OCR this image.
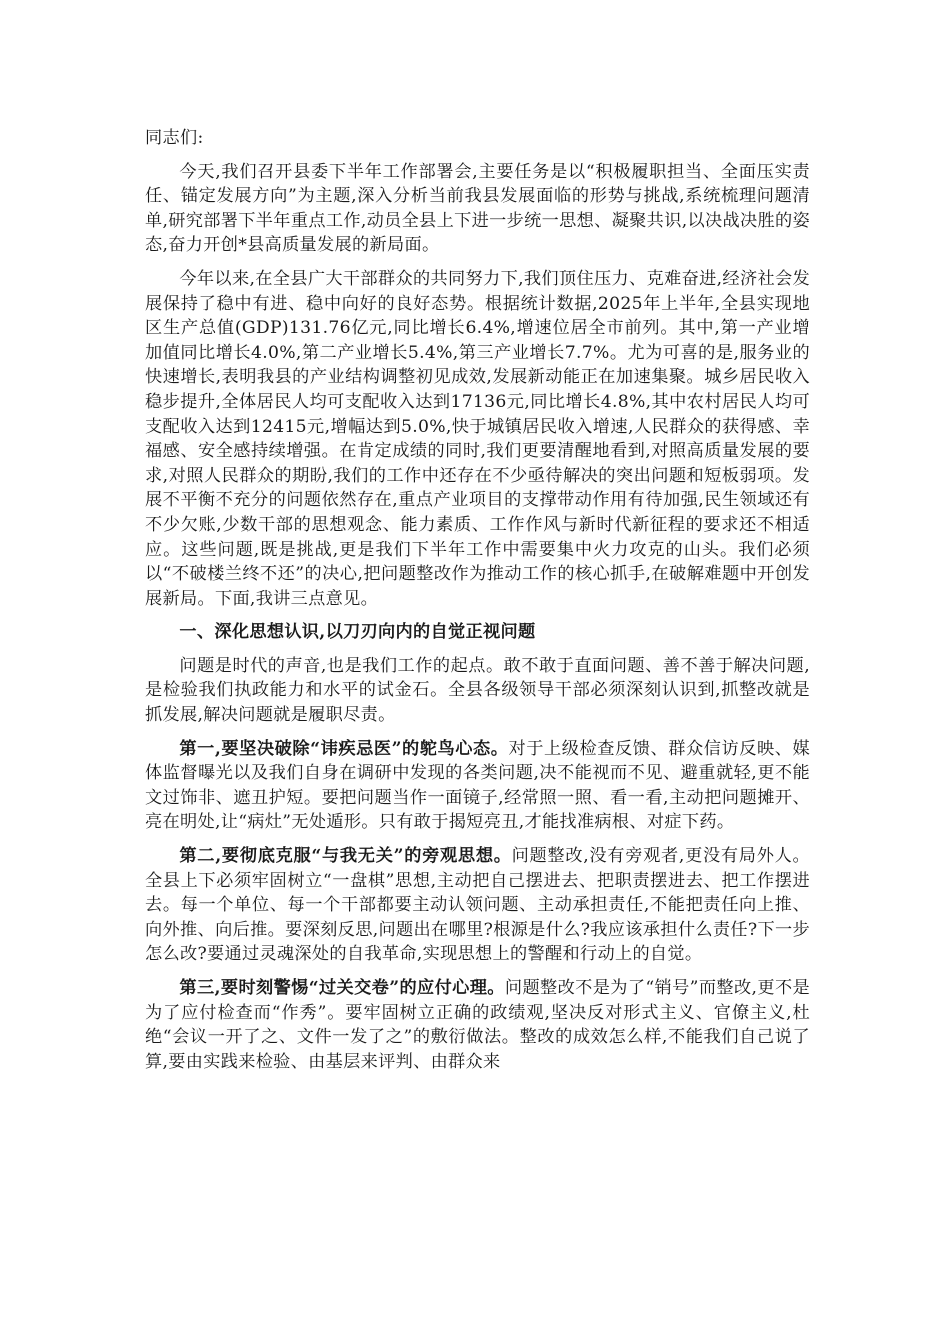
同志们:

今天,我们召开县委下半年工作部署会,主要任务是以“积极履职担当、全面压实责任、锚定发展方向”为主题,深入分析当前我县发展面临的形势与挑战,系统梳理问题清单,研究部署下半年重点工作,动员全县上下进一步统一思想、凝聚共识,以决战决胜的姿态,奋力开创*县高质量发展的新局面。

今年以来,在全县广大干部群众的共同努力下,我们顶住压力、克难奋进,经济社会发展保持了稳中有进、稳中向好的良好态势。根据统计数据,2025年上半年,全县实现地区生产总值(GDP)131.76亿元,同比增长6.4%,增速位居全市前列。其中,第一产业增加值同比增长4.0%,第二产业增长5.4%,第三产业增长7.7%。尤为可喜的是,服务业的快速增长,表明我县的产业结构调整初见成效,发展新动能正在加速集聚。城乡居民收入稳步提升,全体居民人均可支配收入达到17136元,同比增长4.8%,其中农村居民人均可支配收入达到12415元,增幅达到5.0%,快于城镇居民收入增速,人民群众的获得感、幸福感、安全感持续增强。在肯定成绩的同时,我们更要清醒地看到,对照高质量发展的要求,对照人民群众的期盼,我们的工作中还存在不少亟待解决的突出问题和短板弱项。发展不平衡不充分的问题依然存在,重点产业项目的支撑带动作用有待加强,民生领域还有不少欠账,少数干部的思想观念、能力素质、工作作风与新时代新征程的要求还不相适应。这些问题,既是挑战,更是我们下半年工作中需要集中火力攻克的山头。我们必须以“不破楼兰终不还”的决心,把问题整改作为推动工作的核心抓手,在破解难题中开创发展新局。下面,我讲三点意见。

一、深化思想认识,以刀刃向内的自觉正视问题

问题是时代的声音,也是我们工作的起点。敢不敢于直面问题、善不善于解决问题,是检验我们执政能力和水平的试金石。全县各级领导干部必须深刻认识到,抓整改就是抓发展,解决问题就是履职尽责。

第一,要坚决破除“讳疾忌医”的鸵鸟心态。对于上级检查反馈、群众信访反映、媒体监督曝光以及我们自身在调研中发现的各类问题,决不能视而不见、避重就轻,更不能文过饰非、遮丑护短。要把问题当作一面镜子,经常照一照、看一看,主动把问题摊开、亮在明处,让“病灶”无处遁形。只有敢于揭短亮丑,才能找准病根、对症下药。

第二,要彻底克服“与我无关”的旁观思想。问题整改,没有旁观者,更没有局外人。全县上下必须牢固树立“一盘棋”思想,主动把自己摆进去、把职责摆进去、把工作摆进去。每一个单位、每一个干部都要主动认领问题、主动承担责任,不能把责任向上推、向外推、向后推。要深刻反思,问题出在哪里?根源是什么?我应该承担什么责任?下一步怎么改?要通过灵魂深处的自我革命,实现思想上的警醒和行动上的自觉。

第三,要时刻警惕“过关交卷”的应付心理。问题整改不是为了“销号”而整改,更不是为了应付检查而“作秀”。要牢固树立正确的政绩观,坚决反对形式主义、官僚主义,杜绝“会议一开了之、文件一发了之”的敷衍做法。整改的成效怎么样,不能我们自己说了算,要由实践来检验、由基层来评判、由群众来
